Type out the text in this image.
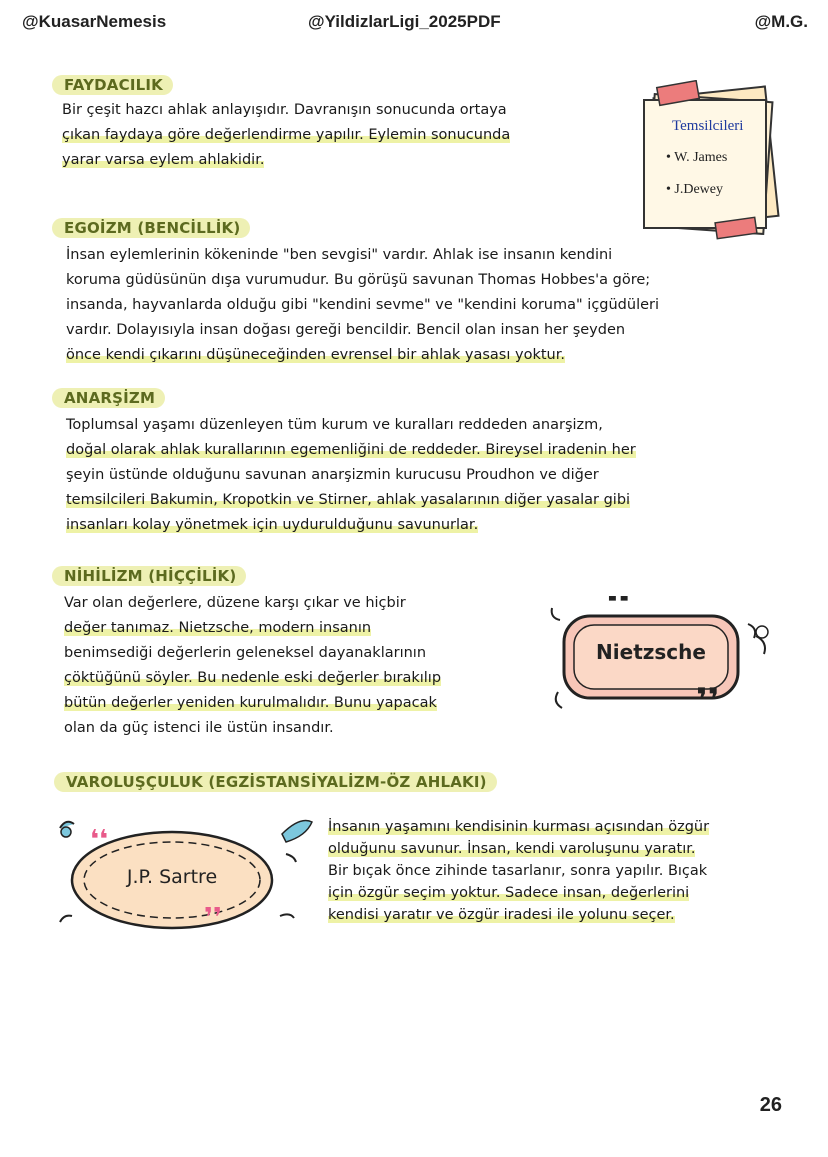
@KuasarNemesis	@YildizlarLigi_2025PDF	@M.G.
FAYDACILIK
Bir çeşit hazcı ahlak anlayışıdır. Davranışın sonucunda ortaya
çıkan faydaya göre değerlendirme yapılır. Eylemin sonucunda
yarar varsa eylem ahlakidir.
Temsilcileri
• W. James
• J.Dewey
EGOİZM (BENCİLLİK)
İnsan eylemlerinin kökeninde "ben sevgisi" vardır. Ahlak ise insanın kendini
koruma güdüsünün dışa vurumudur. Bu görüşü savunan Thomas Hobbes'a göre;
insanda, hayvanlarda olduğu gibi "kendini sevme" ve "kendini koruma" içgüdüleri
vardır. Dolayısıyla insan doğası gereği bencildir. Bencil olan insan her şeyden
önce kendi çıkarını düşüneceğinden evrensel bir ahlak yasası yoktur.
ANARŞİZM
Toplumsal yaşamı düzenleyen tüm kurum ve kuralları reddeden anarşizm,
doğal olarak ahlak kurallarının egemenliğini de reddeder. Bireysel iradenin her
şeyin üstünde olduğunu savunan anarşizmin kurucusu Proudhon ve diğer
temsilcileri Bakumin, Kropotkin ve Stirner, ahlak yasalarının diğer yasalar gibi
insanları kolay yönetmek için uydurulduğunu savunurlar.
NİHİLİZM (HİÇÇİLİK)
Var olan değerlere, düzene karşı çıkar ve hiçbir
değer tanımaz. Nietzsche, modern insanın
benimsediği değerlerin geleneksel dayanaklarının
çöktüğünü söyler. Bu nedenle eski değerler bırakılıp
bütün değerler yeniden kurulmalıdır. Bunu yapacak
olan da güç istenci ile üstün insandır.
❛❛
❜❜
Nietzsche
VAROLUŞÇULUK (EGZİSTANSİYALİZM-ÖZ AHLAKI)
İnsanın yaşamını kendisinin kurması açısından özgür
olduğunu savunur. İnsan, kendi varoluşunu yaratır.
Bir bıçak önce zihinde tasarlanır, sonra yapılır. Bıçak
için özgür seçim yoktur. Sadece insan, değerlerini
kendisi yaratır ve özgür iradesi ile yolunu seçer.
❛❛
❜❜
J.P. Sartre
26
